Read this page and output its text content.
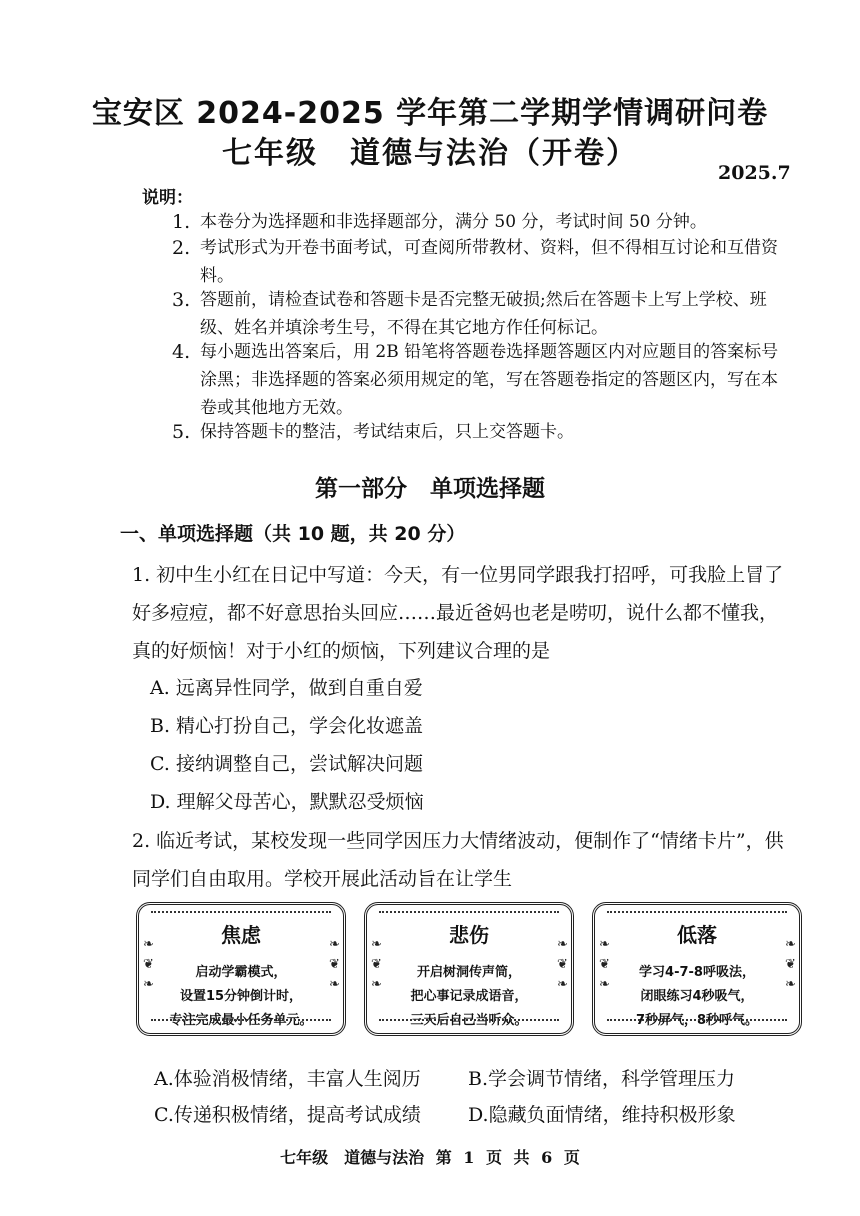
宝安区 2024-2025 学年第二学期学情调研问卷
七年级　道德与法治（开卷）
2025.7
说明：
1. 本卷分为选择题和非选择题部分，满分 50 分，考试时间 50 分钟。
2. 考试形式为开卷书面考试，可查阅所带教材、资料，但不得相互讨论和互借资料。
3. 答题前，请检查试卷和答题卡是否完整无破损;然后在答题卡上写上学校、班级、姓名并填涂考生号，不得在其它地方作任何标记。
4. 每小题选出答案后，用 2B 铅笔将答题卷选择题答题区内对应题目的答案标号涂黑；非选择题的答案必须用规定的笔，写在答题卷指定的答题区内，写在本卷或其他地方无效。
5. 保持答题卡的整洁，考试结束后，只上交答题卡。
第一部分　单项选择题
一、单项选择题（共 10 题，共 20 分）
1. 初中生小红在日记中写道：今天，有一位男同学跟我打招呼，可我脸上冒了好多痘痘，都不好意思抬头回应……最近爸妈也老是唠叨，说什么都不懂我，真的好烦恼！对于小红的烦恼，下列建议合理的是
A. 远离异性同学，做到自重自爱
B. 精心打扮自己，学会化妆遮盖
C. 接纳调整自己，尝试解决问题
D. 理解父母苦心，默默忍受烦恼
2. 临近考试，某校发现一些同学因压力大情绪波动，便制作了“情绪卡片”，供同学们自由取用。学校开展此活动旨在让学生
❧
❦
❧
❧
❦
❧
焦虑
启动学霸模式，
设置15分钟倒计时，
专注完成最小任务单元。
❧
❦
❧
❧
❦
❧
悲伤
开启树洞传声筒，
把心事记录成语音，
三天后自己当听众。
❧
❦
❧
❧
❦
❧
低落
学习4-7-8呼吸法，
闭眼练习4秒吸气，
7秒屏气，8秒呼气。
A.体验消极情绪，丰富人生阅历 B.学会调节情绪，科学管理压力
C.传递积极情绪，提高考试成绩 D.隐藏负面情绪，维持积极形象
七年级　道德与法治 第 1 页 共 6 页
